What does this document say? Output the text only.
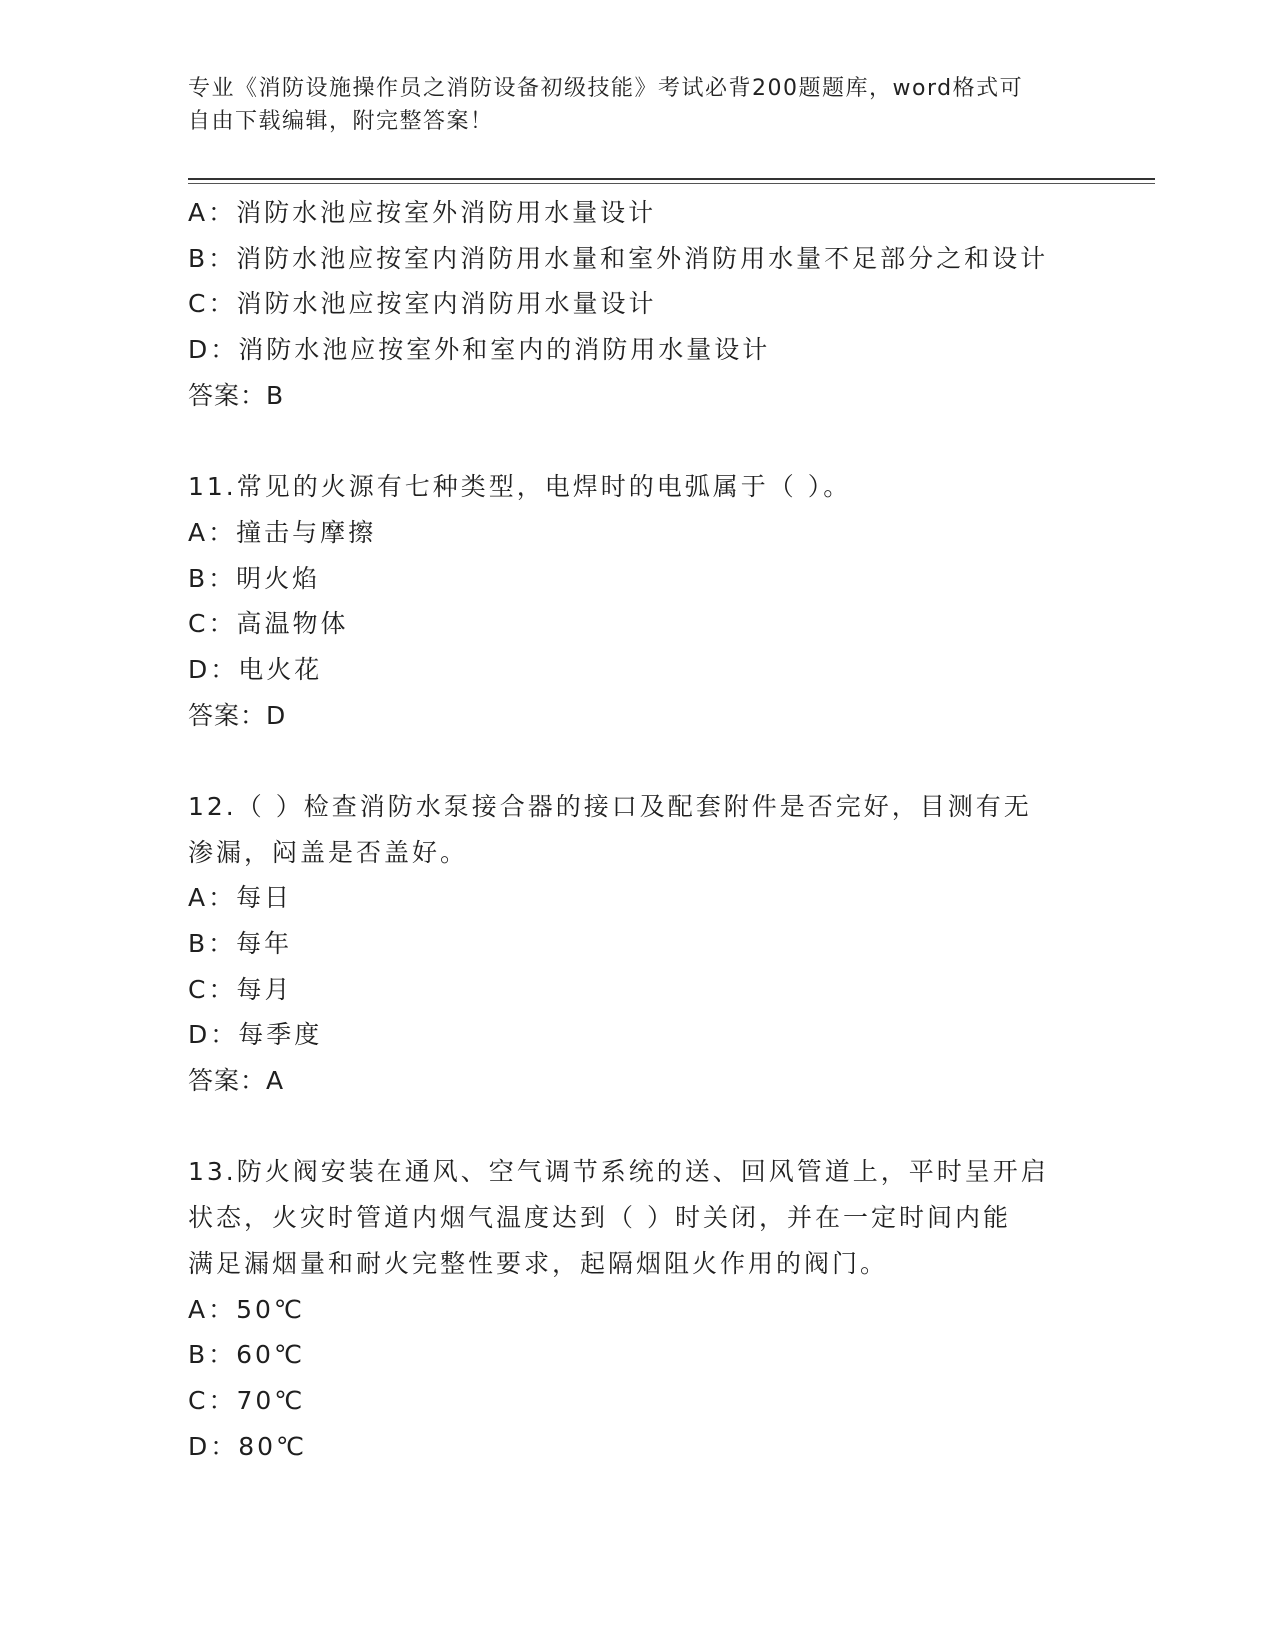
专业《消防设施操作员之消防设备初级技能》考试必背200题题库，word格式可
自由下载编辑，附完整答案！
A：消防水池应按室外消防用水量设计
B：消防水池应按室内消防用水量和室外消防用水量不足部分之和设计
C：消防水池应按室内消防用水量设计
D：消防水池应按室外和室内的消防用水量设计
答案：B
11.常见的火源有七种类型，电焊时的电弧属于（ ）。
A：撞击与摩擦
B：明火焰
C：高温物体
D：电火花
答案：D
12.（ ）检查消防水泵接合器的接口及配套附件是否完好，目测有无
渗漏，闷盖是否盖好。
A：每日
B：每年
C：每月
D：每季度
答案：A
13.防火阀安装在通风、空气调节系统的送、回风管道上，平时呈开启
状态，火灾时管道内烟气温度达到（ ）时关闭，并在一定时间内能
满足漏烟量和耐火完整性要求，起隔烟阻火作用的阀门。
A：50℃
B：60℃
C：70℃
D：80℃
